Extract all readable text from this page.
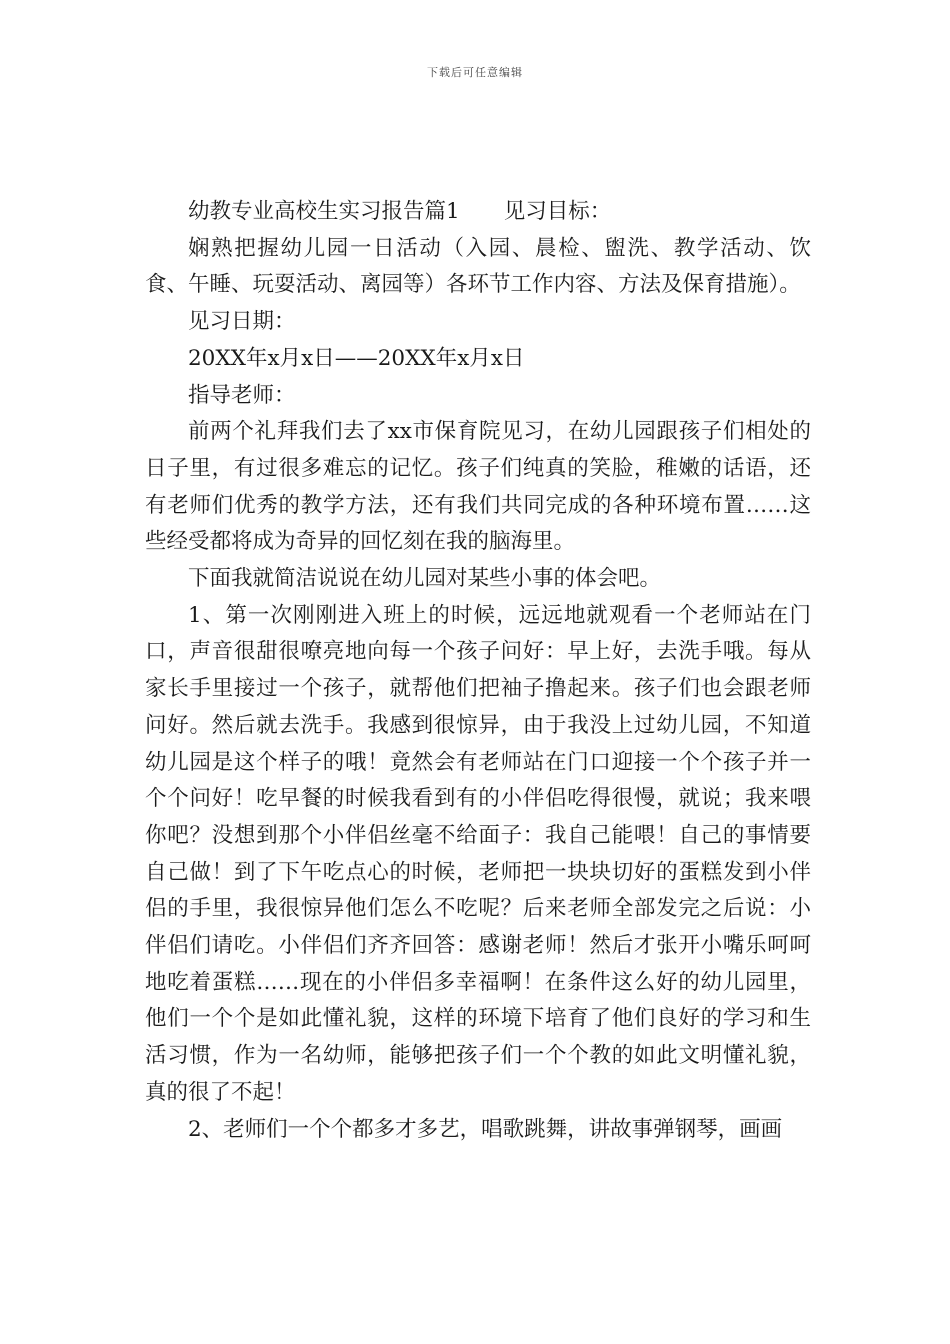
下载后可任意编辑

幼教专业高校生实习报告篇1 见习目标：

娴熟把握幼儿园一日活动（入园、晨检、盥洗、教学活动、饮食、午睡、玩耍活动、离园等）各环节工作内容、方法及保育措施）。

见习日期：

20XX年x月x日——20XX年x月x日

指导老师：

前两个礼拜我们去了xx市保育院见习，在幼儿园跟孩子们相处的日子里，有过很多难忘的记忆。孩子们纯真的笑脸，稚嫩的话语，还有老师们优秀的教学方法，还有我们共同完成的各种环境布置……这些经受都将成为奇异的回忆刻在我的脑海里。

下面我就简洁说说在幼儿园对某些小事的体会吧。

1、第一次刚刚进入班上的时候，远远地就观看一个老师站在门口，声音很甜很嘹亮地向每一个孩子问好：早上好，去洗手哦。每从家长手里接过一个孩子，就帮他们把袖子撸起来。孩子们也会跟老师问好。然后就去洗手。我感到很惊异，由于我没上过幼儿园，不知道幼儿园是这个样子的哦！竟然会有老师站在门口迎接一个个孩子并一个个问好！吃早餐的时候我看到有的小伴侣吃得很慢，就说；我来喂你吧？没想到那个小伴侣丝毫不给面子：我自己能喂！自己的事情要自己做！到了下午吃点心的时候，老师把一块块切好的蛋糕发到小伴侣的手里，我很惊异他们怎么不吃呢？后来老师全部发完之后说：小伴侣们请吃。小伴侣们齐齐回答：感谢老师！然后才张开小嘴乐呵呵地吃着蛋糕……现在的小伴侣多幸福啊！在条件这么好的幼儿园里，他们一个个是如此懂礼貌，这样的环境下培育了他们良好的学习和生活习惯，作为一名幼师，能够把孩子们一个个教的如此文明懂礼貌，真的很了不起！

2、老师们一个个都多才多艺，唱歌跳舞，讲故事弹钢琴，画画
